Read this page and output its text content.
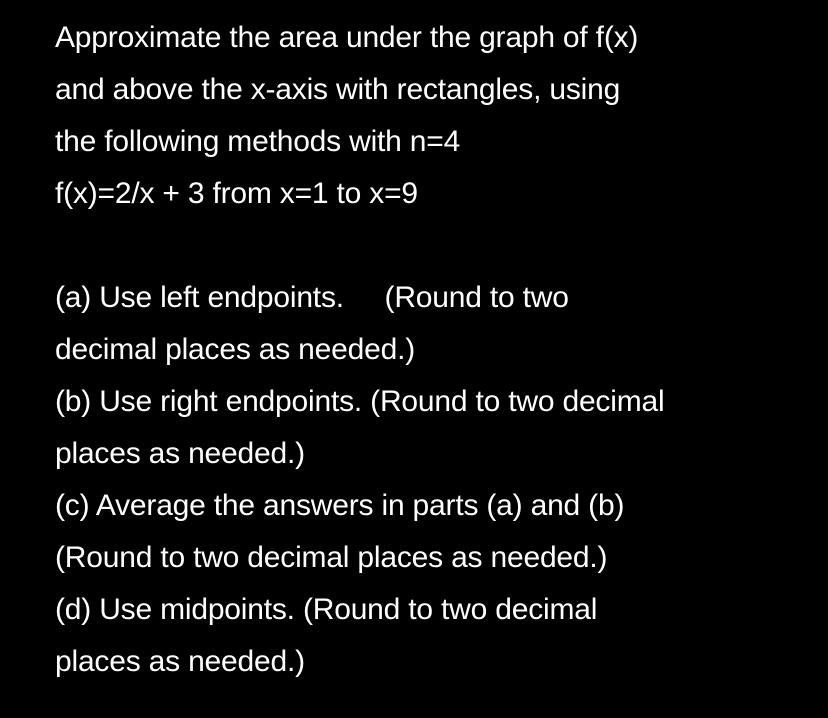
Approximate the area under the graph of f(x)
and above the x-axis with rectangles, using
the following methods with n=4
f(x)=2/x + 3 from x=1 to x=9
(a) Use left endpoints.     (Round to two
decimal places as needed.)
(b) Use right endpoints. (Round to two decimal
places as needed.)
(c) Average the answers in parts (a) and (b)
(Round to two decimal places as needed.)
(d) Use midpoints. (Round to two decimal
places as needed.)
